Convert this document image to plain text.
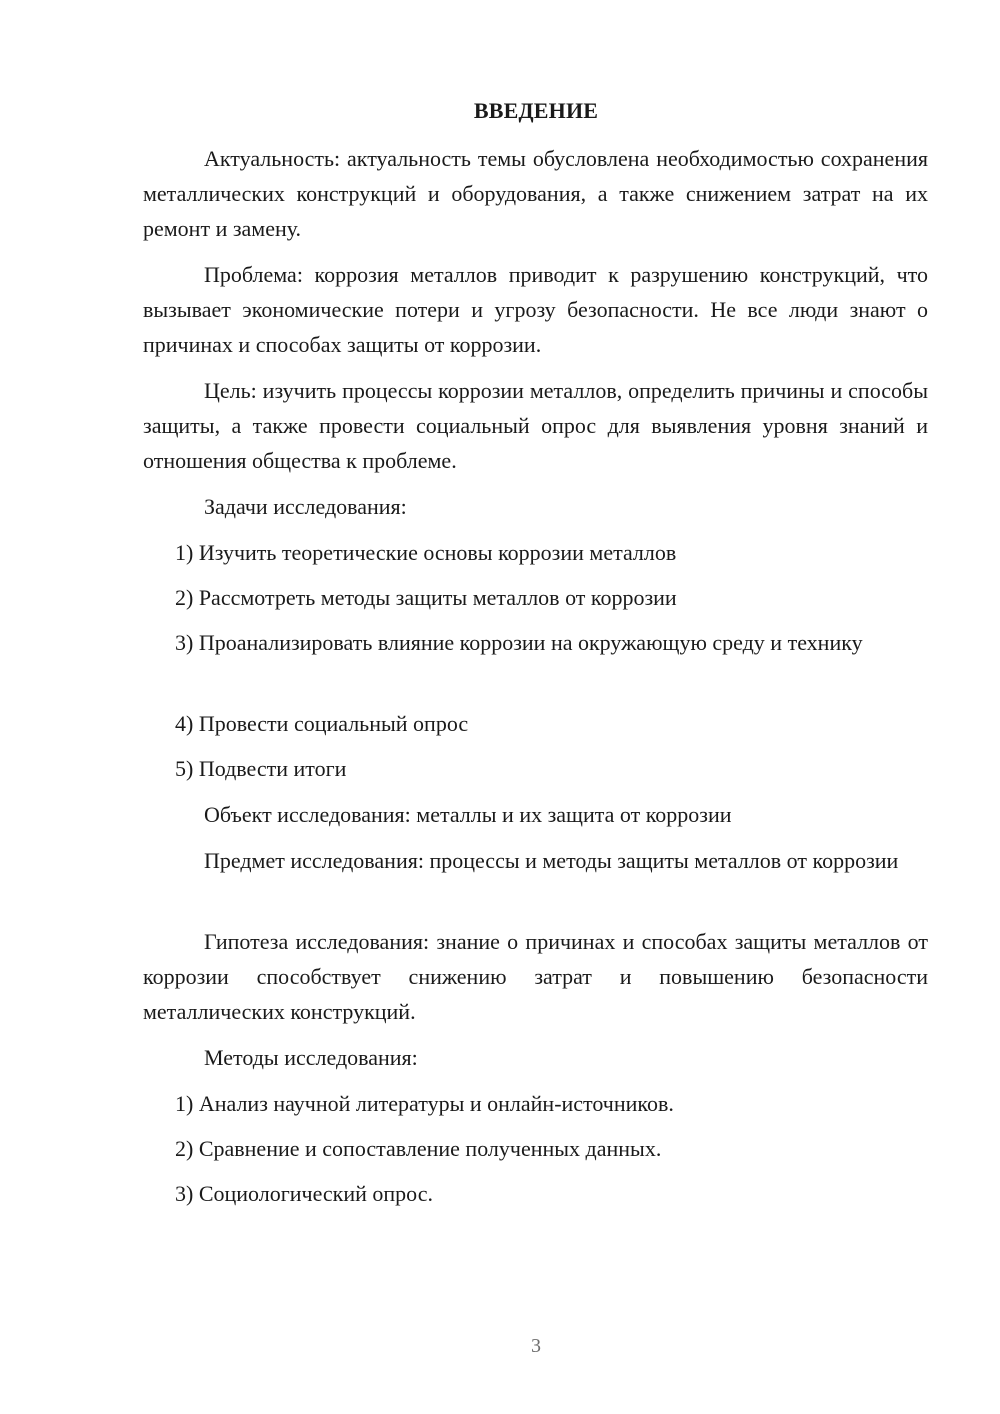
ВВЕДЕНИЕ

Актуальность: актуальность темы обусловлена необходимостью сохранения металлических конструкций и оборудования, а также снижением затрат на их ремонт и замену.

Проблема: коррозия металлов приводит к разрушению конструкций, что вызывает экономические потери и угрозу безопасности. Не все люди знают о причинах и способах защиты от коррозии.

Цель: изучить процессы коррозии металлов, определить причины и способы защиты, а также провести социальный опрос для выявления уровня знаний и отношения общества к проблеме.

Задачи исследования:

1) Изучить теоретические основы коррозии металлов

2) Рассмотреть методы защиты металлов от коррозии

3) Проанализировать влияние коррозии на окружающую среду и технику

4) Провести социальный опрос

5) Подвести итоги

Объект исследования: металлы и их защита от коррозии

Предмет исследования: процессы и методы защиты металлов от коррозии

Гипотеза исследования: знание о причинах и способах защиты металлов от коррозии способствует снижению затрат и повышению безопасности металлических конструкций.

Методы исследования:

1) Анализ научной литературы и онлайн-источников.

2) Сравнение и сопоставление полученных данных.

3) Социологический опрос.

3
